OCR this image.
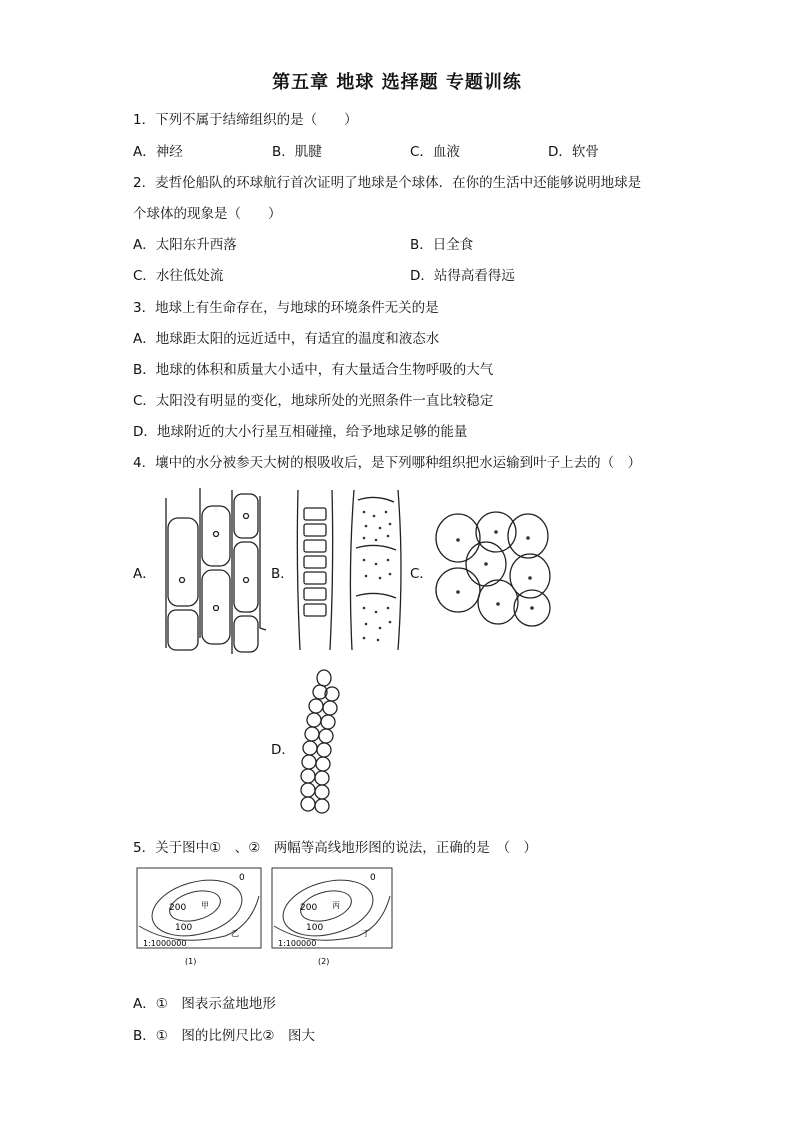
第五章 地球 选择题 专题训练
1．下列不属于结缔组织的是（　　）
A．神经	B．肌腱	C．血液	D．软骨
2．麦哲伦船队的环球航行首次证明了地球是个球体．在你的生活中还能够说明地球是
个球体的现象是（　　）
A．太阳东升西落	B．日全食
C．水往低处流	D．站得高看得远
3．地球上有生命存在，与地球的环境条件无关的是
A．地球距太阳的远近适中，有适宜的温度和液态水
B．地球的体积和质量大小适中，有大量适合生物呼吸的大气
C．太阳没有明显的变化，地球所处的光照条件一直比较稳定
D．地球附近的大小行星互相碰撞，给予地球足够的能量
4．壤中的水分被参天大树的根吸收后，是下列哪种组织把水运输到叶子上去的（　）
A．	B．	C．
D．
5．关于图中①　、②　两幅等高线地形图的说法，正确的是　（　）
200 甲
100
0
乙
1:1000000
(1)
200 丙
100
0
丁
1:100000
(2)
A．①　图表示盆地地形
B．①　图的比例尺比②　图大
